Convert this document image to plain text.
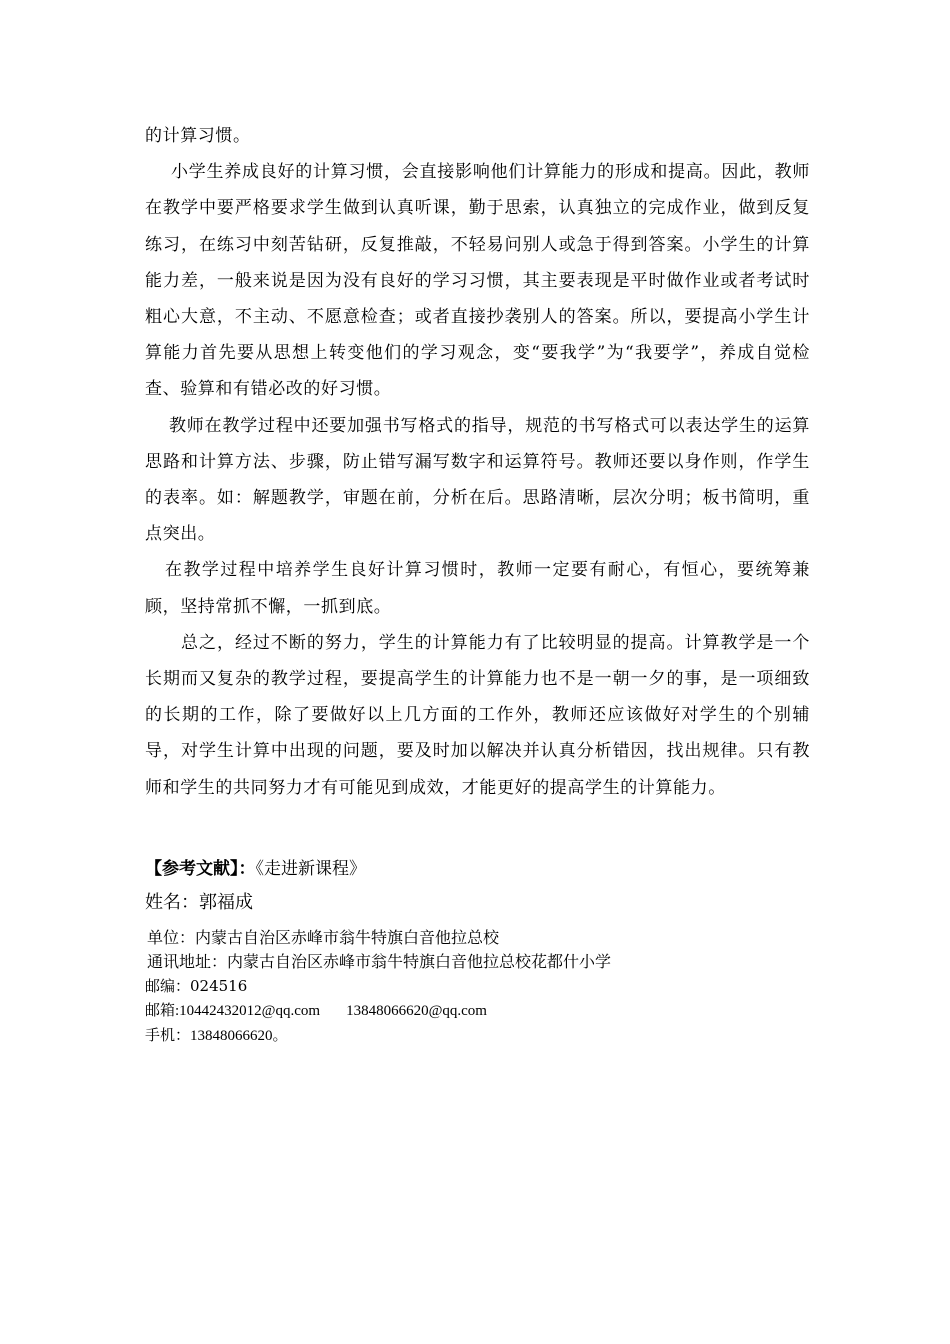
的计算习惯。

小学生养成良好的计算习惯，会直接影响他们计算能力的形成和提高。因此，教师在教学中要严格要求学生做到认真听课，勤于思索，认真独立的完成作业，做到反复练习，在练习中刻苦钻研，反复推敲，不轻易问别人或急于得到答案。小学生的计算能力差，一般来说是因为没有良好的学习习惯，其主要表现是平时做作业或者考试时粗心大意，不主动、不愿意检查；或者直接抄袭别人的答案。所以，要提高小学生计算能力首先要从思想上转变他们的学习观念，变“要我学”为“我要学”，养成自觉检查、验算和有错必改的好习惯。

教师在教学过程中还要加强书写格式的指导，规范的书写格式可以表达学生的运算思路和计算方法、步骤，防止错写漏写数字和运算符号。教师还要以身作则，作学生的表率。如：解题教学，审题在前，分析在后。思路清晰，层次分明；板书简明，重点突出。

在教学过程中培养学生良好计算习惯时，教师一定要有耐心，有恒心，要统筹兼顾，坚持常抓不懈，一抓到底。

总之，经过不断的努力，学生的计算能力有了比较明显的提高。计算教学是一个长期而又复杂的教学过程，要提高学生的计算能力也不是一朝一夕的事，是一项细致的长期的工作，除了要做好以上几方面的工作外，教师还应该做好对学生的个别辅导，对学生计算中出现的问题，要及时加以解决并认真分析错因，找出规律。只有教师和学生的共同努力才有可能见到成效，才能更好的提高学生的计算能力。

【参考文献】：《走进新课程》
姓名：郭福成
单位：内蒙古自治区赤峰市翁牛特旗白音他拉总校
通讯地址：内蒙古自治区赤峰市翁牛特旗白音他拉总校花都什小学
邮编：024516
邮箱:10442432012@qq.com 13848066620@qq.com
手机：13848066620。
